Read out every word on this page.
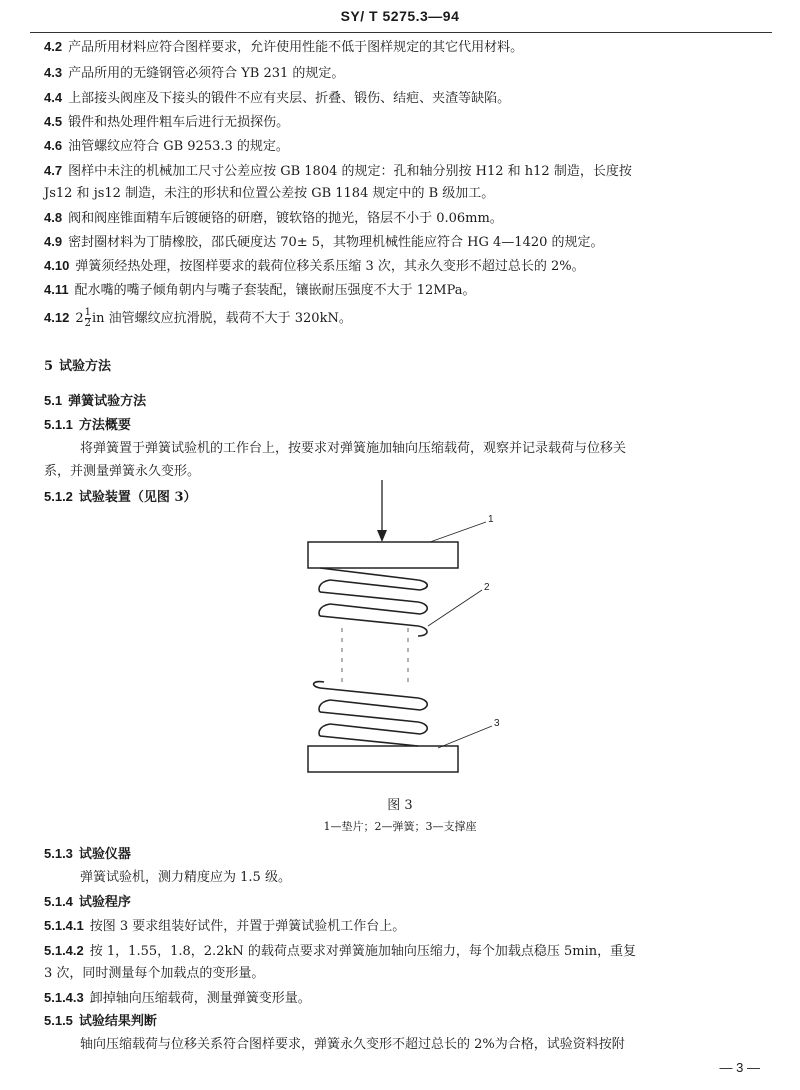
SY/ T 5275.3—94
4.2 产品所用材料应符合图样要求，允许使用性能不低于图样规定的其它代用材料。
4.3 产品所用的无缝钢管必须符合 YB 231 的规定。
4.4 上部接头阀座及下接头的锻件不应有夹层、折叠、锻伤、结疤、夹渣等缺陷。
4.5 锻件和热处理件粗车后进行无损探伤。
4.6 油管螺纹应符合 GB 9253.3 的规定。
4.7 图样中未注的机械加工尺寸公差应按 GB 1804 的规定：孔和轴分别按 H12 和 h12 制造，长度按
Js12 和 js12 制造，未注的形状和位置公差按 GB 1184 规定中的 B 级加工。
4.8 阀和阀座锥面精车后镀硬铬的研磨，镀软铬的抛光，铬层不小于 0.06mm。
4.9 密封圈材料为丁腈橡胶，邵氏硬度达 70± 5，其物理机械性能应符合 HG 4—1420 的规定。
4.10 弹簧须经热处理，按图样要求的载荷位移关系压缩 3 次，其永久变形不超过总长的 2%。
4.11 配水嘴的嘴子倾角朝内与嘴子套装配，镶嵌耐压强度不大于 12MPa。
4.12 $2 \frac{1}{2}$ in 油管螺纹应抗滑脱，载荷不大于 320kN。
5 试验方法
5.1 弹簧试验方法
5.1.1 方法概要
将弹簧置于弹簧试验机的工作台上，按要求对弹簧施加轴向压缩载荷，观察并记录载荷与位移关
系，并测量弹簧永久变形。
5.1.2 试验装置（见图 3）
1
2
3
图 3
1—垫片；2—弹簧；3—支撑座
5.1.3 试验仪器
弹簧试验机，测力精度应为 1.5 级。
5.1.4 试验程序
5.1.4.1 按图 3 要求组装好试件，并置于弹簧试验机工作台上。
5.1.4.2 按 1，1.55，1.8，2.2kN 的载荷点要求对弹簧施加轴向压缩力，每个加载点稳压 5min，重复
3 次，同时测量每个加载点的变形量。
5.1.4.3 卸掉轴向压缩载荷，测量弹簧变形量。
5.1.5 试验结果判断
轴向压缩载荷与位移关系符合图样要求，弹簧永久变形不超过总长的 2%为合格，试验资料按附
— 3 —
